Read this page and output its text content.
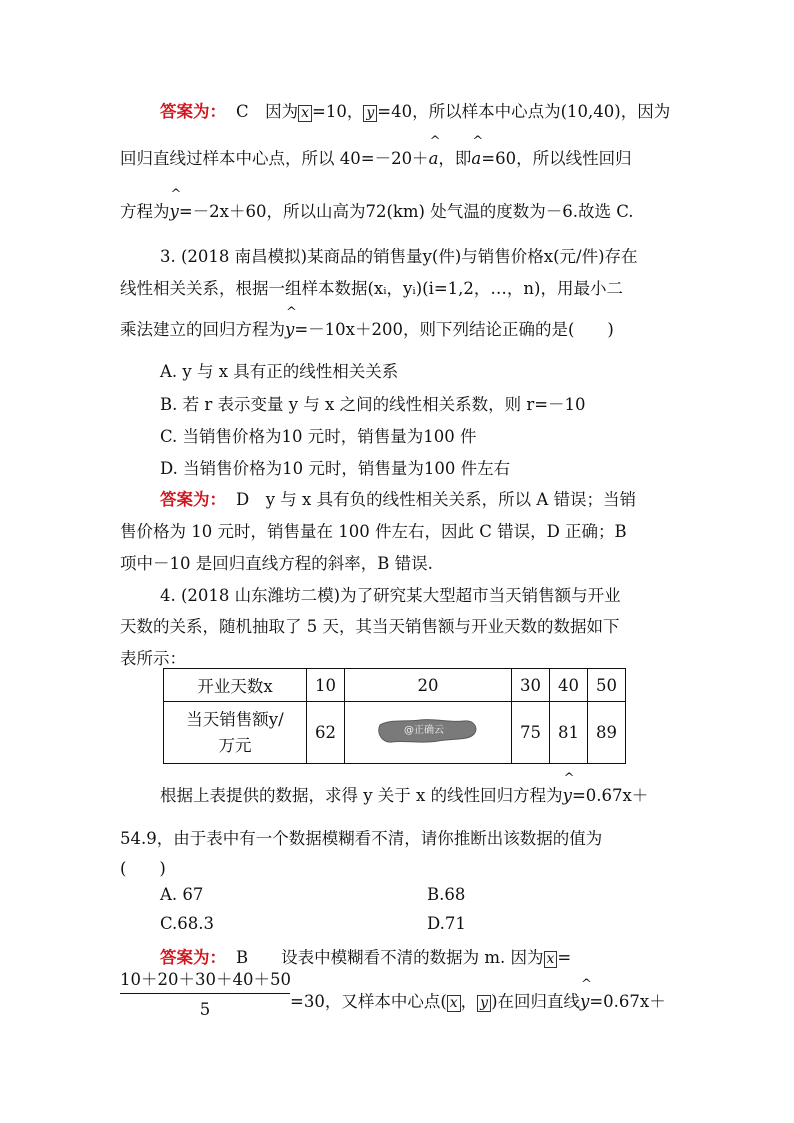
答案为： C　因为 x =10， y =40，所以样本中心点为(10,40)，因为
回归直线过样本中心点，所以 40=－20＋^ a，即^ a=60，所以线性回归
方程为^ y=－2x＋60，所以山高为72(km) 处气温的度数为－6.故选 C.
3. (2018 南昌模拟)某商品的销售量y(件)与销售价格x(元/件)存在
线性相关关系，根据一组样本数据(xᵢ，yᵢ)(i=1,2，…，n)，用最小二
乘法建立的回归方程为^ y=－10x＋200，则下列结论正确的是(　　)
A. y 与 x 具有正的线性相关关系
B. 若 r 表示变量 y 与 x 之间的线性相关系数，则 r=－10
C. 当销售价格为10 元时，销售量为100 件
D. 当销售价格为10 元时，销售量为100 件左右
答案为： D　y 与 x 具有负的线性相关关系，所以 A 错误；当销
售价格为 10 元时，销售量在 100 件左右，因此 C 错误，D 正确；B
项中－10 是回归直线方程的斜率，B 错误.
4. (2018 山东潍坊二模)为了研究某大型超市当天销售额与开业
天数的关系，随机抽取了 5 天，其当天销售额与开业天数的数据如下
表所示：
开业天数x	10	20	30	40	50

当天销售额y/
万元	62	@正确云	75	81	89
根据上表提供的数据，求得 y 关于 x 的线性回归方程为^ y=0.67x＋
54.9，由于表中有一个数据模糊看不清，请你推断出该数据的值为
(　　)
A. 67	B.68
C.68.3	D.71
答案为： B　　设表中模糊看不清的数据为 m. 因为 x =
$\frac{10+20+30+40+50}{5} =30$，又样本中心点( x ， y )在回归直线^ y=0.67x＋
